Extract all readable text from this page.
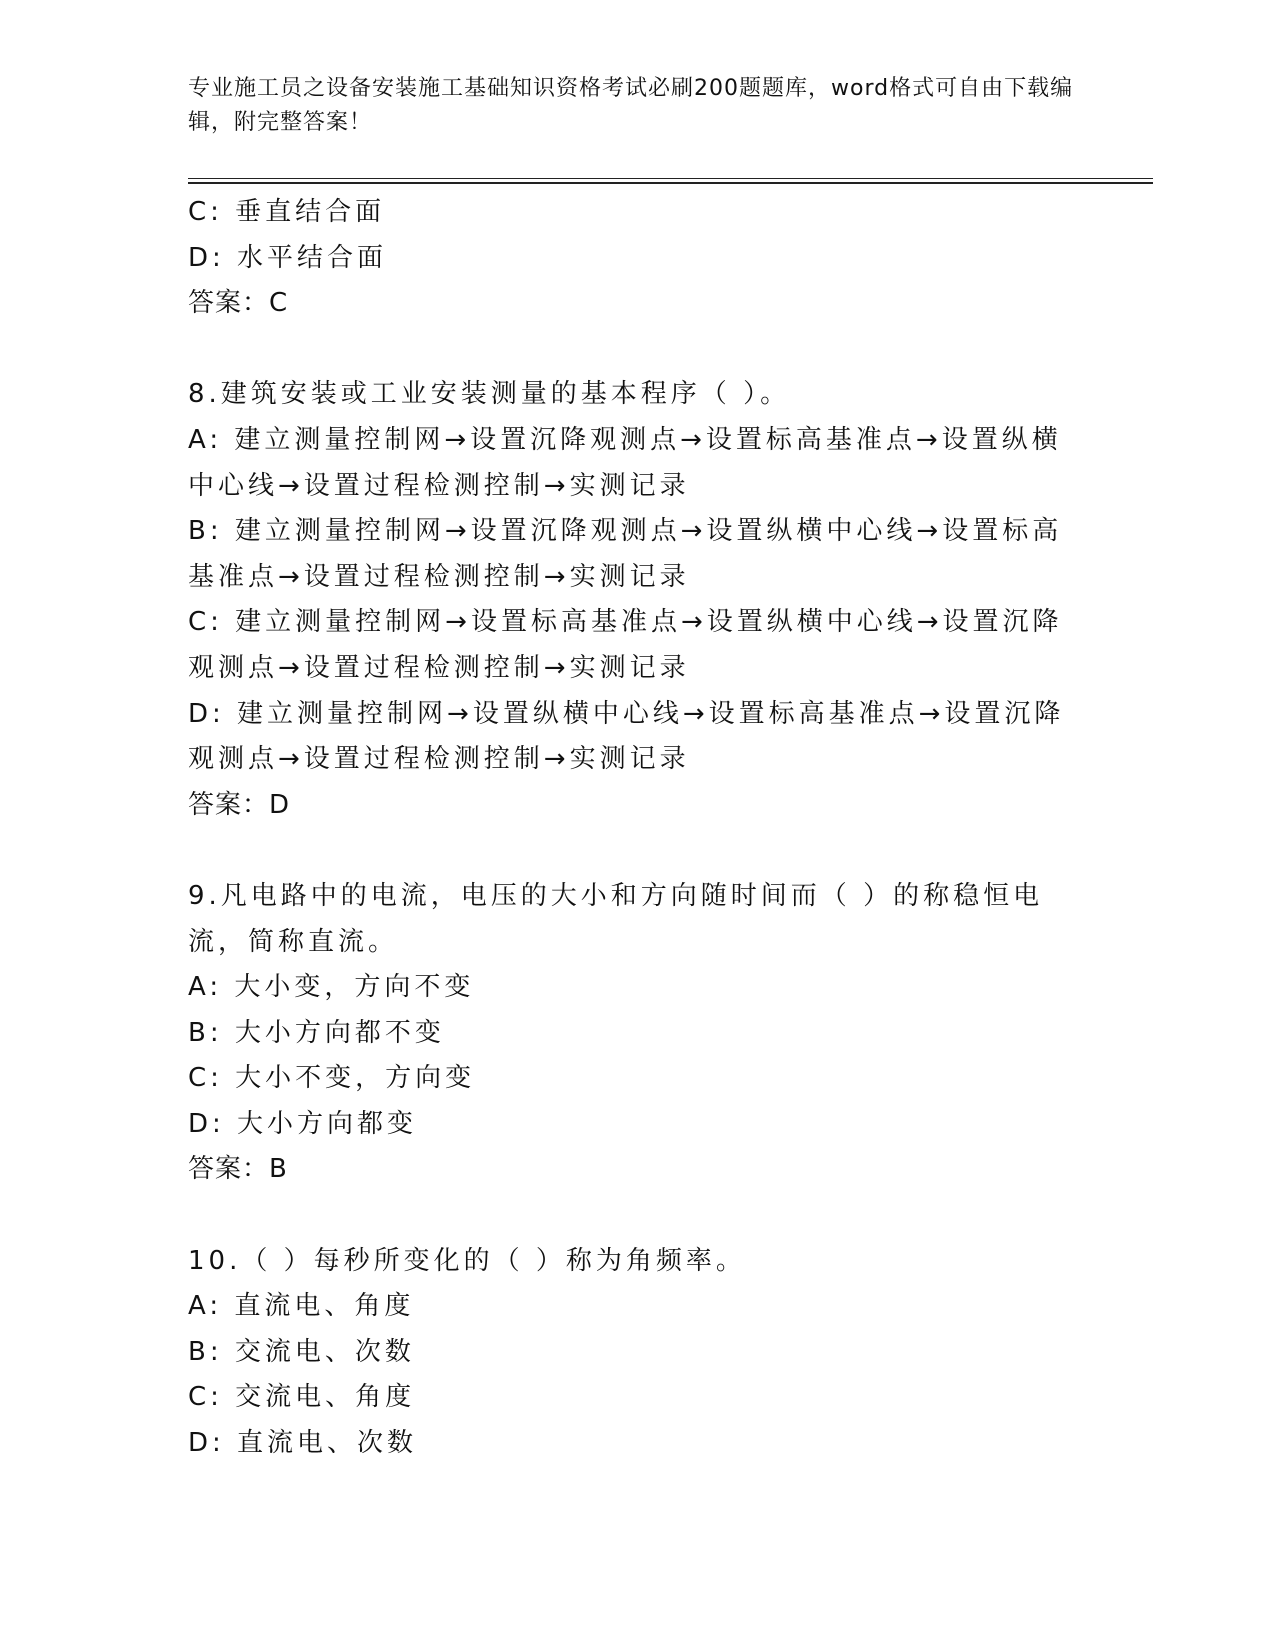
专业施工员之设备安装施工基础知识资格考试必刷200题题库，word格式可自由下载编辑，附完整答案！
C: 垂直结合面
D: 水平结合面
答案：C
8.建筑安装或工业安装测量的基本程序（ ）。
A: 建立测量控制网→设置沉降观测点→设置标高基准点→设置纵横中心线→设置过程检测控制→实测记录
B: 建立测量控制网→设置沉降观测点→设置纵横中心线→设置标高基准点→设置过程检测控制→实测记录
C: 建立测量控制网→设置标高基准点→设置纵横中心线→设置沉降观测点→设置过程检测控制→实测记录
D: 建立测量控制网→设置纵横中心线→设置标高基准点→设置沉降观测点→设置过程检测控制→实测记录
答案：D
9.凡电路中的电流，电压的大小和方向随时间而（ ）的称稳恒电流，简称直流。
A: 大小变，方向不变
B: 大小方向都不变
C: 大小不变，方向变
D: 大小方向都变
答案：B
10.（ ）每秒所变化的（ ）称为角频率。
A: 直流电、角度
B: 交流电、次数
C: 交流电、角度
D: 直流电、次数
